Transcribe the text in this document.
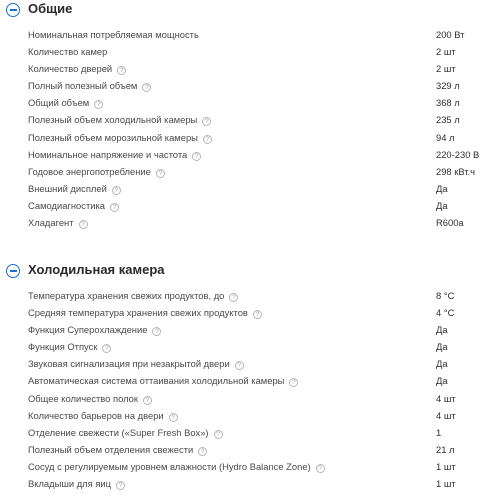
Общие
Номинальная потребляемая мощность	200 Вт
Количество камер	2 шт
Количество дверей ?	2 шт
Полный полезный объем ?	329 л
Общий объем ?	368 л
Полезный объем холодильной камеры ?	235 л
Полезный объем морозильной камеры ?	94 л
Номинальное напряжение и частота ?	220-230 В
Годовое энергопотребление ?	298 кВт.ч
Внешний дисплей ?	Да
Самодиагностика ?	Да
Хладагент ?	R600a
Холодильная камера
Температура хранения свежих продуктов, до ?	8 °C
Средняя температура хранения свежих продуктов ?	4 °C
Функция Суперохлаждение ?	Да
Функция Отпуск ?	Да
Звуковая сигнализация при незакрытой двери ?	Да
Автоматическая система оттаивания холодильной камеры ?	Да
Общее количество полок ?	4 шт
Количество барьеров на двери ?	4 шт
Отделение свежести («Super Fresh Box») ?	1
Полезный объем отделения свежести ?	21 л
Сосуд с регулируемым уровнем влажности (Hydro Balance Zone) ?	1 шт
Вкладыши для яиц ?	1 шт
